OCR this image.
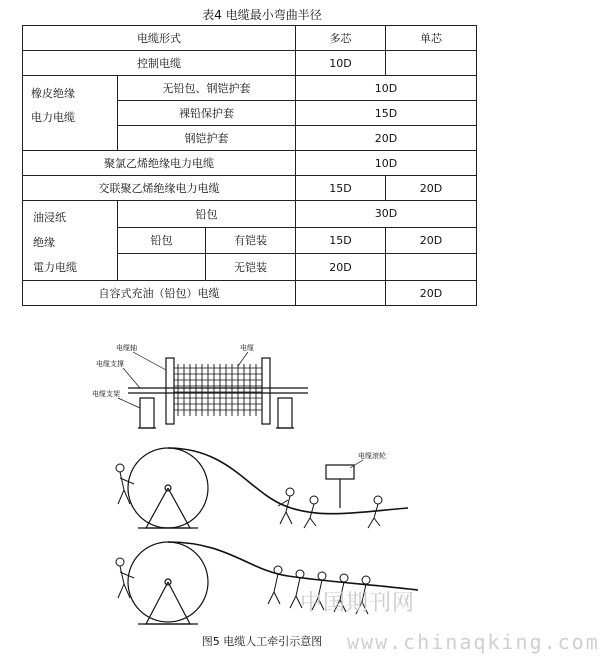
表4 电缆最小弯曲半径
电缆形式			多芯	单芯
控制电缆			10D	

橡皮绝缘
电力电缆	无铅包、钢铠护套		10D	
	裸铅保护套		15D	
	钢铠护套		20D	
聚氯乙烯绝缘电力电缆			10D	
交联聚乙烯绝缘电力电缆			15D	20D

油浸纸
绝缘
電力电缆	铅包		30D	
	铅包	有铠装	15D	20D
		无铠装	20D	
自容式充油（铅包）电缆				20D
电缆轴	电缆
电缆支撑
电缆支架
电缆滚轮
中国期刊网
图5 电缆人工牵引示意图	www.chinaqking.com
